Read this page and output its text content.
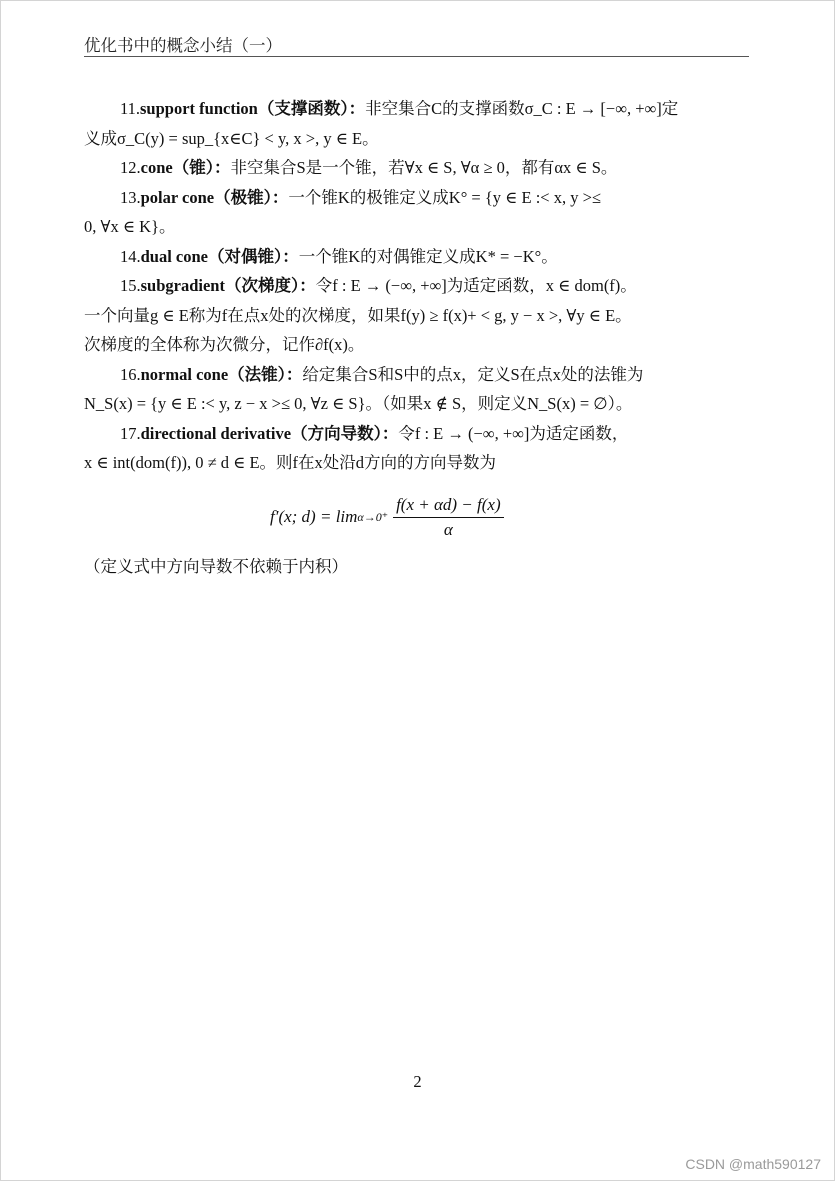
优化书中的概念小结（一）
11.support function（支撑函数）：非空集合C的支撑函数σ_C : E → [−∞, +∞]定
义成σ_C(y) = sup_{x∈C} < y, x >, y ∈ E。
12.cone（锥）：非空集合S是一个锥，若∀x ∈ S, ∀α ≥ 0，都有αx ∈ S。
13.polar cone（极锥）：一个锥K的极锥定义成K° = {y ∈ E :< x, y >≤
0, ∀x ∈ K}。
14.dual cone（对偶锥）：一个锥K的对偶锥定义成K* = −K°。
15.subgradient（次梯度）：令f : E → (−∞, +∞]为适定函数，x ∈ dom(f)。
一个向量g ∈ E称为f在点x处的次梯度，如果f(y) ≥ f(x)+ < g, y − x >, ∀y ∈ E。
次梯度的全体称为次微分，记作∂f(x)。
16.normal cone（法锥）：给定集合S和S中的点x，定义S在点x处的法锥为
N_S(x) = {y ∈ E :< y, z − x >≤ 0, ∀z ∈ S}。（如果x ∉ S，则定义N_S(x) = ∅）。
17.directional derivative（方向导数）：令f : E → (−∞, +∞]为适定函数，
x ∈ int(dom(f)), 0 ≠ d ∈ E。则f在x处沿d方向的方向导数为
f′(x; $d) = \lim \alpha\to 0^+ \frac{f(x + \alpha d) - f(x)}{\alpha}$
（定义式中方向导数不依赖于内积）
2
CSDN @math590127
